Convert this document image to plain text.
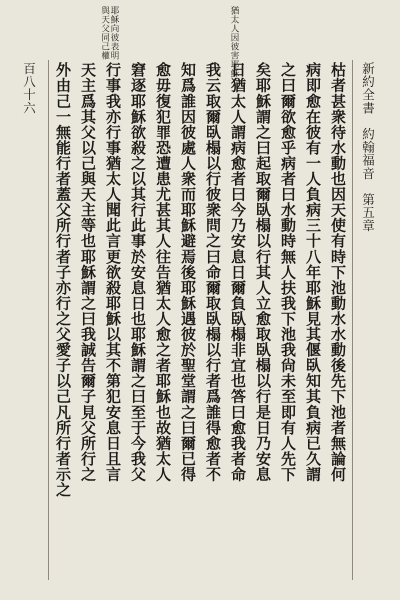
新約全書　約翰福音　第五章
枯者甚衆待水動也因天使有時下池動水水動後先下池者無論何
病即愈在彼有一人負病三十八年耶穌見其偃臥知其負病已久謂
之曰爾欲愈乎病者曰水動時無人扶我下池我尙未至即有人先下
矣耶穌謂之曰起取爾臥榻以行其人立愈取臥榻以行是日乃安息
日猶太人謂病愈者曰今乃安息日爾負臥榻非宜也答曰愈我者命
我云取爾臥榻以行彼衆問之曰命爾取臥榻以行者爲誰得愈者不
知爲誰因彼處人衆而耶穌避焉後耶穌遇彼於聖堂謂之曰爾已得
愈毋復犯罪恐遭患尤甚其人往告猶太人愈之者耶穌也故猶太人
窘逐耶穌欲殺之以其行此事於安息日也耶穌謂之曰至于今我父
行事我亦行事猶太人聞此言更欲殺耶穌以其不第犯安息日且言
天主爲其父以己與天主等也耶穌謂之曰我誠告爾子見父所行之
外由己一無能行者蓋父所行者子亦行之父愛子以己凡所行者示之
百八十六
猶太人因彼害耶穌
耶穌向彼表明與天父同己權
